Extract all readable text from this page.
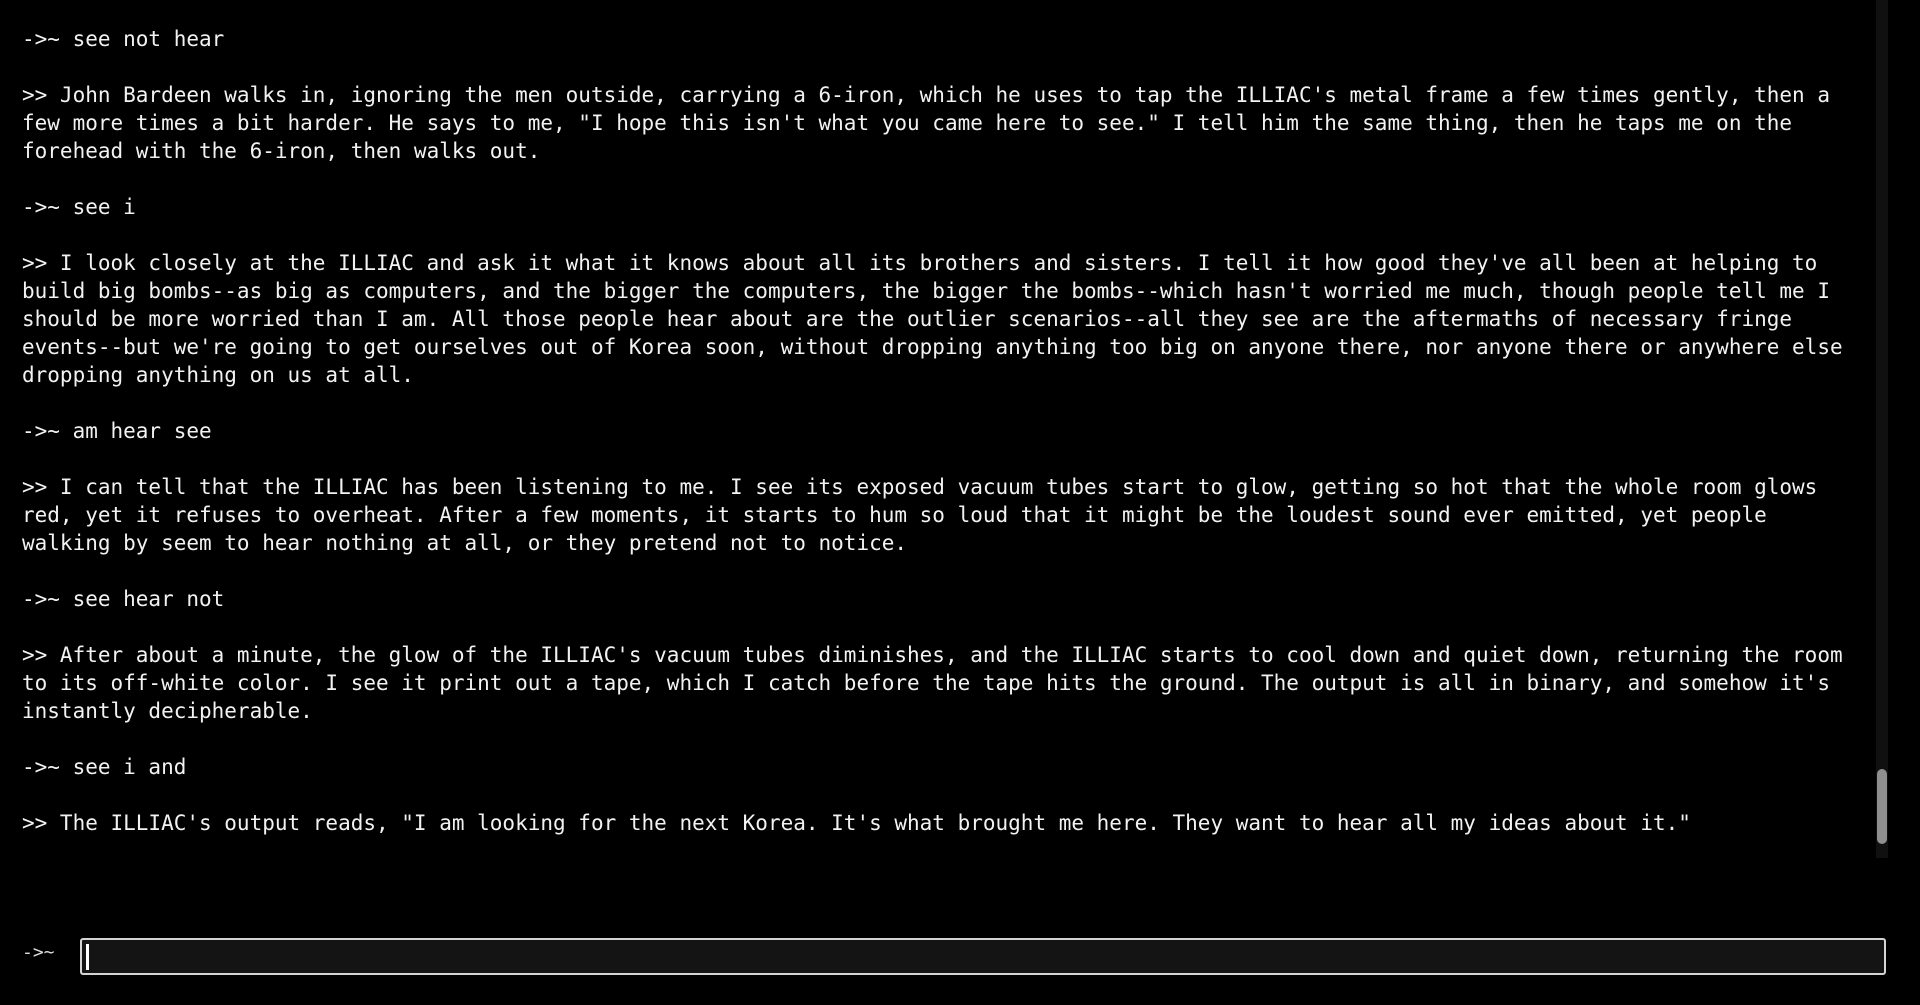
->~ see not hear
>> John Bardeen walks in, ignoring the men outside, carrying a 6-iron, which he uses to tap the ILLIAC's metal frame a few times gently, then a few more times a bit harder. He says to me, "I hope this isn't what you came here to see." I tell him the same thing, then he taps me on the forehead with the 6-iron, then walks out.
->~ see i
>> I look closely at the ILLIAC and ask it what it knows about all its brothers and sisters. I tell it how good they've all been at helping to build big bombs--as big as computers, and the bigger the computers, the bigger the bombs--which hasn't worried me much, though people tell me I should be more worried than I am. All those people hear about are the outlier scenarios--all they see are the aftermaths of necessary fringe events--but we're going to get ourselves out of Korea soon, without dropping anything too big on anyone there, nor anyone there or anywhere else dropping anything on us at all.
->~ am hear see
>> I can tell that the ILLIAC has been listening to me. I see its exposed vacuum tubes start to glow, getting so hot that the whole room glows red, yet it refuses to overheat. After a few moments, it starts to hum so loud that it might be the loudest sound ever emitted, yet people walking by seem to hear nothing at all, or they pretend not to notice.
->~ see hear not
>> After about a minute, the glow of the ILLIAC's vacuum tubes diminishes, and the ILLIAC starts to cool down and quiet down, returning the room to its off-white color. I see it print out a tape, which I catch before the tape hits the ground. The output is all in binary, and somehow it's instantly decipherable.
->~ see i and
>> The ILLIAC's output reads, "I am looking for the next Korea. It's what brought me here. They want to hear all my ideas about it."
->~
